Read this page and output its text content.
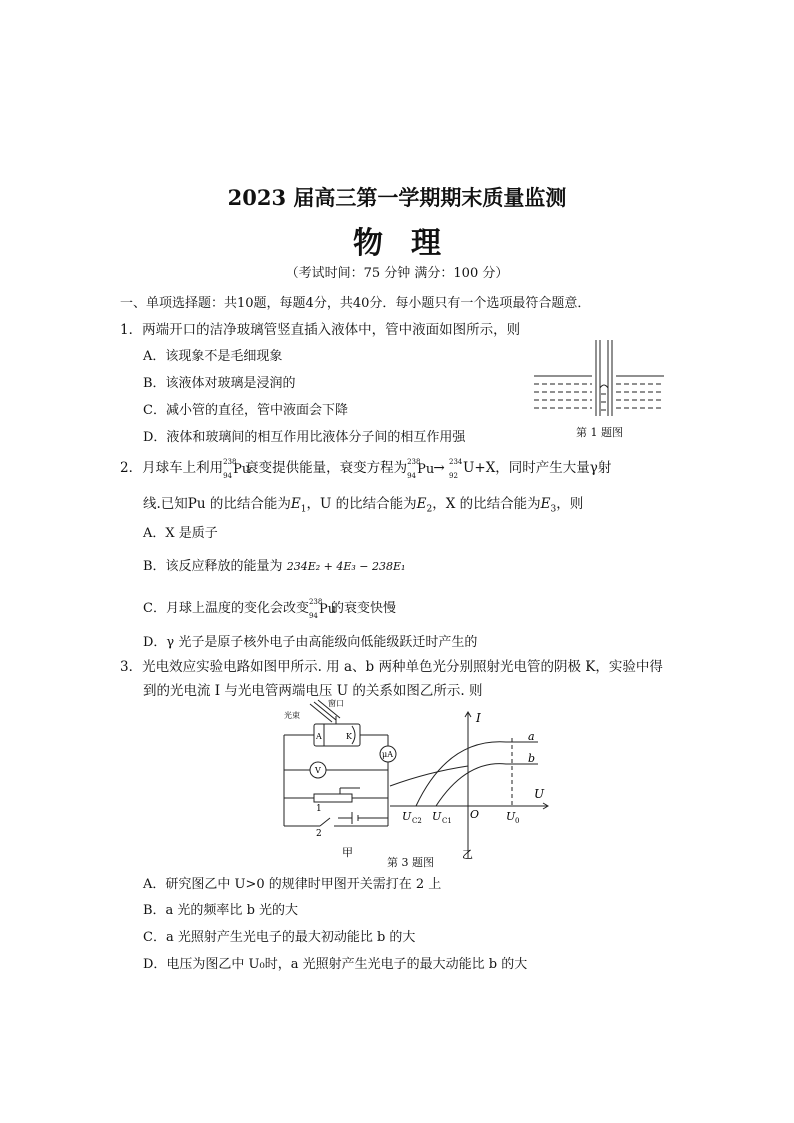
2023 届高三第一学期期末质量监测
物理
（考试时间：75 分钟 满分：100 分）
一、单项选择题：共10题，每题4分，共40分．每小题只有一个选项最符合题意．
1．两端开口的洁净玻璃管竖直插入液体中，管中液面如图所示，则
A．该现象不是毛细现象
B．该液体对玻璃是浸润的
C．减小管的直径，管中液面会下降
D．液体和玻璃间的相互作用比液体分子间的相互作用强	第 1 题图
2．月球车上利用 238
94 Pu
衰变提供能量，衰变方程为 238
94 Pu
→ 234
92 U+X，同时产生大量γ射
线.已知Pu 的比结合能为$E_1$，U 的比结合能为$E_2$，X 的比结合能为$E_3$，则
A．X 是质子
B．该反应释放的能量为 234E₂ + 4E₃ − 238E₁
C．月球上温度的变化会改变 238
94 Pu
的衰变快慢
D．γ 光子是原子核外电子由高能级向低能级跃迁时产生的
3．光电效应实验电路如图甲所示. 用 a、b 两种单色光分别照射光电管的阴极 K，实验中得
到的光电流 I 与光电管两端电压 U 的关系如图乙所示. 则
光束
窗口
A	K
μA
V
1
2
甲
I
U
O
a
b
U C2 U C1	U 0
乙
第 3 题图
A．研究图乙中 U>0 的规律时甲图开关需打在 2 上
B．a 光的频率比 b 光的大
C．a 光照射产生光电子的最大初动能比 b 的大
D．电压为图乙中 U₀时，a 光照射产生光电子的最大动能比 b 的大
